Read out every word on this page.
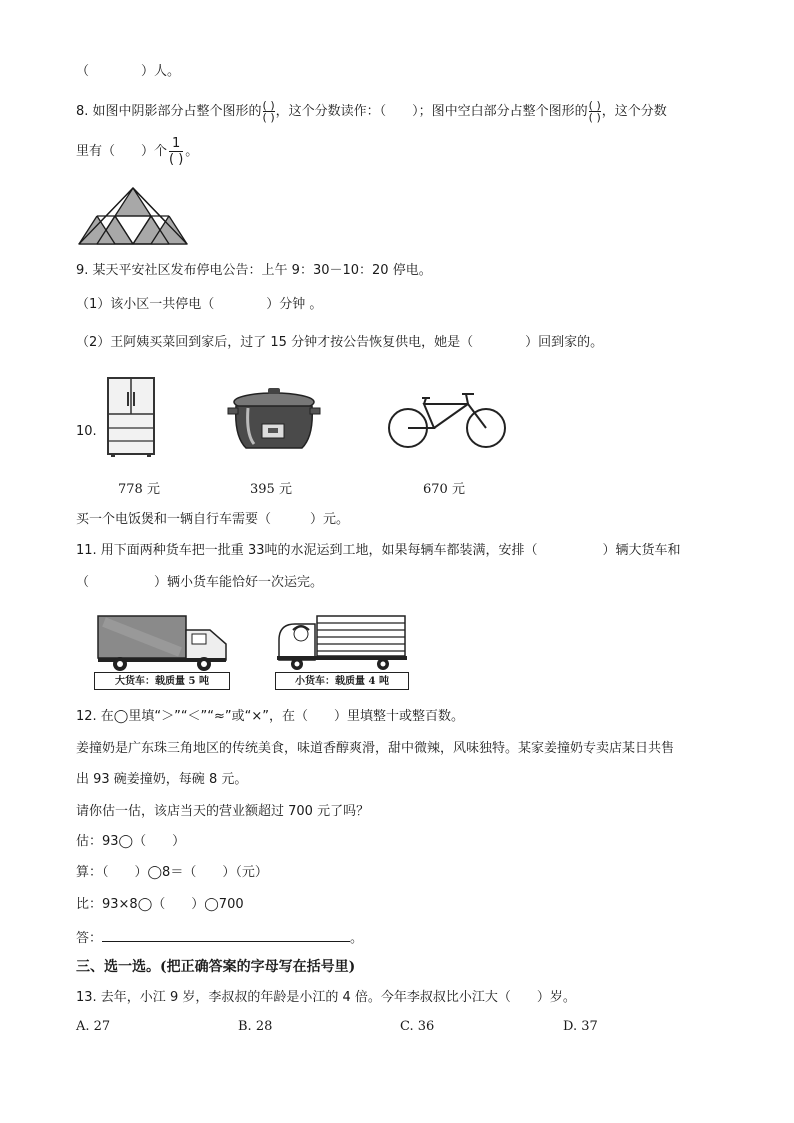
（　　　　）人。
8. 如图中阴影部分占整个图形的 $\frac{( )}{( )}$ ，这个分数读作：（　　）；图中空白部分占整个图形的 $\frac{( )}{( )}$ ，这个分数
里有（　　）个
1
( )
。
9. 某天平安社区发布停电公告：上午 9：30－10：20 停电。
（1）该小区一共停电（　　　　）分钟 。
（2）王阿姨买菜回到家后，过了 15 分钟才按公告恢复供电，她是（　　　　）回到家的。
10.
778 元	395 元	670 元
买一个电饭煲和一辆自行车需要（　　　）元。
11. 用下面两种货车把一批重 33吨的水泥运到工地，如果每辆车都装满，安排（　　　　　）辆大货车和
（　　　　　）辆小货车能恰好一次运完。
大货车：载质量 5 吨	小货车：载质量 4 吨
12. 在◯里填“＞”“＜”“≈”或“×”，在（　　）里填整十或整百数。
姜撞奶是广东珠三角地区的传统美食，味道香醇爽滑，甜中微辣，风味独特。某家姜撞奶专卖店某日共售
出 93 碗姜撞奶，每碗 8 元。
请你估一估，该店当天的营业额超过 700 元了吗？
估：93◯（　　）
算：（　　）◯8＝（　　）（元）
比：93×8◯（　　）◯700
答：	。
三、选一选。(把正确答案的字母写在括号里)
13. 去年，小江 9 岁，李叔叔的年龄是小江的 4 倍。今年李叔叔比小江大（　　）岁。
A. 27	B. 28	C. 36	D. 37
